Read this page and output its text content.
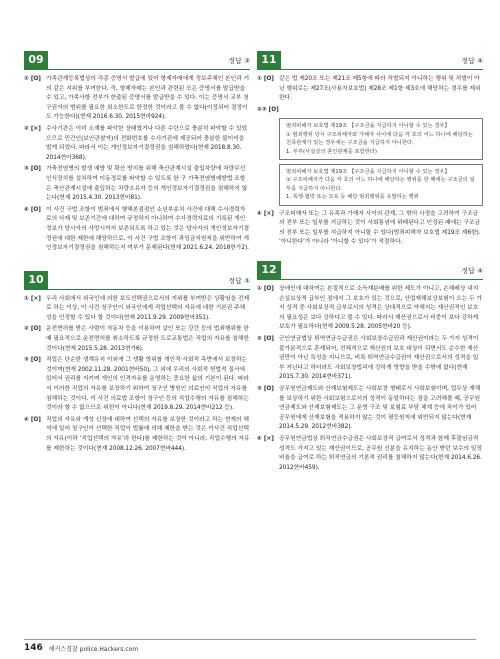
09	정답 ②
① [O] 가족관계등록법상의 각종 증명서 발급에 있어 형제자매에게 정보주체인 본인과 거의 같은 지위를 부여한다. 즉, 형제자매는 본인과 관련된 모든 증명서를 발급받을 수 있고, 가족사항 전부가 현출된 증명서를 발급받을 수 있다. 이는 증명서 교부 청구권자의 범위를 필요한 최소한도로 한정한 것이라고 볼 수 없다(이정되어 결정이도 가능한다)(현재 2016.6.30. 2015현마924).
② [×] 수사기관은 이미 소재를 파악한 상태였거나 다른 수단으로 충분히 파악할 수 있었으므로 민간인(보안관찰자)의 전화번호를 수사기관에 제공되어 충분한 불이익을 발게 되었다. 따라서 이는 개인정보자기결정권을 침해하였다(현재 2018.8.30. 2014현마368).
③ [O] 가축전염병의 발생 예방 및 확산 방지를 위해 축산관계시설 출입차량에 차량무선인식장치를 설치하여 이동경로를 파악할 수 있도록 한 구 가축전염병예방법 조항은 축산관계시설에 출입하는 차량소유자 등의 개인정보자기결정권을 침해하지 않는다(현재 2015.4.30. 2013현마81).
④ [O] 이 사건 구법 조항이 범죄에서 행해본점점인 소년부송치 사건에 대해 수사경력자료의 삭제 및 보존기간에 대하여 규정하지 아니하여 수사경력자료의 기록된 개인정보가 당사자의 사망시까지 보존되도록 하고 있는 것은 당사자의 개인정보자기결정권에 대한 제한에 해당하므로, 이 사건 구법 조항이 과잉금지원칙을 위반하여 개인정보자기결정권을 침해하는지 여부가 문제된다(현재 2021.6.24. 2018헌가2).
10	정답 ①
① [×] 우리 사회에서 외국인에 의한 보도선택권으로서의 지위를 부여받은 상황임을 전제로 하는 이상, 이 사건 청구인이 외국인에게 직업선택의 자유에 대한 기본권 주체성을 인정할 수 있다 할 것이다(현재 2011.9.29. 2009현마351).
② [O] 운전면허를 받은 사람이 자동차 등을 이용하여 살인 또는 강간 등의 법죄행위를 한 때 필요적으로 운전면허를 취소하도록 규정한 도로교통법은 직업의 자유를 침해한 것이다(현재 2015.5.28. 2013현가6).
③ [O] 직업은 단순한 생계유지 이외에 그 생활 영위를 개인적·사회적 측면에서 보장하는 것이며(현재 2002.11.28. 2001현바50), 그 외에 우리의 사회적 헌법적 질서에 있어서 권리를 지키며 개인의 인격자유를 운영하는 중요한 삶의 기본이 된다. 따라서 이러한 직업의 자유를 보장하기 위하여 청구인 병원인 의료인이 직업의 자유를 침해하는 것이다. 이 사건 의료법 조항이 청구인 등의 직업수행의 자유를 침해하는 것이라 할 수 없으므로 위헌이 아니다(현재 2019.8.29. 2014현바212 등).
④ [O] 직업의 자유와 개성 신장에 대하여 선택의 자유를 보장한 것이라고 하는 현재의 해석에 있어 청구인이 선택한 직업이 법률에 의해 제한을 받는 것은 이사건 직업선택의 자유(이하 ‘직업선택의 자유’라 한다)를 제한하는 것이 아니라, 직업수행의 자유를 제한하는 것이다(현재 2008.12.26. 2007현바444).
11	정답 ④
① [O] 같은 법 제20조 또는 제21조 제5항에 따라 처벌되지 아니하는 행위 및 처벌이 아닌 행위로는 제27조(사용자보호법) 제28조 제1항 제3호에 해당하는 경우를 제외한다.
②③ [O]
범죄피해자 보호법 제19조 【구조금을 지급하지 아니할 수 있는 경우】
① 범죄행위 당시 구조피해자와 가해자 사이에 다음 각 호의 어느 하나에 해당하는 친족관계가 있는 경우에는 구조금을 지급하지 아니한다.
1. 부부(사실상의 혼인관계를 포함한다)
범죄피해자 보호법 제19조 【구조금을 지급하지 아니할 수 있는 경우】
② 구조피해자가 다음 각 호의 어느 하나에 해당하는 행위를 한 때에는 구조금의 일부를 지급하지 아니한다.
1. 폭행·협박 또는 모욕 등 해당 범죄행위를 유발하는 행위
④ [×] 구조피해자 또는 그 유족과 가해자 사이의 관계, 그 밖의 사정을 고려하여 구조금의 전부 또는 일부를 지급하는 것이 사회통념에 위배된다고 인정된 때에는 구조금의 전부 또는 일부를 지급하지 아니할 수 있다(범죄피해자 보호법 제19조 제6항). ‘아니한다’가 아니라 ‘아니할 수 있다’가 적절하다.
12	정답 ④
① [O] 장애인에 대하여는 본질적으로 소득재분배를 위한 제도가 아니고, 손해배상 내지 손실보상적 급부인 점에서 그 보호가 있는 것으로, 산업재해보상보험이 오는 두 가지 성격 중 사회보장적 급부로서의 성격은 상대적으로 약해지는 재산권적인 보호의 필요성은 보다 강하다고 볼 수 있다. 따라서 재산권으로서 비중이 보다 강하게 보호가 필요하다(현재 2009.5.28. 2005현바20 등).
② [O] 군인연금법상 퇴역연금수급권은 사회보장수급권과 재산권이라는 두 가지 성격이 불가분적으로 혼재되어, 전체적으로 재산권의 보호 대상이 되면서도 순수한 재산권만이 아닌 특성을 지니므로, 비록 퇴역연금수급권이 재산권으로서의 성격을 일부 지닌다고 하더라도 사회보장법리에 강하게 영향을 받을 수밖에 없다(현재 2015.7.30. 2014현바371).
③ [O] 공무원연금제도와 산재보험제도는 사회보장 형태로서 사회보험이며, 업무상 재해를 보상하기 위한 사회보험으로서의 성격이 동일하다는 점을 고려해볼 때, 공무원연금제도와 산재보험제도는 그 운영 구조 및 보험료 부담 체계 등에 차이가 있어 공무원에게 산재보험을 적용하지 않는 것이 평등원칙에 위반되지 않는다(현재 2014.5.29. 2012현바382).
④ [×] 공무원연금법상 퇴직연금수급권은 사회보장적 급여로서 성격과 함께 후불임금적 성격도 가지고 있는 재산권이므로, 공무원 신분을 유지하는 동안 받던 보수의 일정 비율을 급여로 하는 퇴직연금의 기본적 권리를 침해하지 않는다(현재 2014.6.26. 2012현바459).
146 해커스경찰 police.Hackers.com
